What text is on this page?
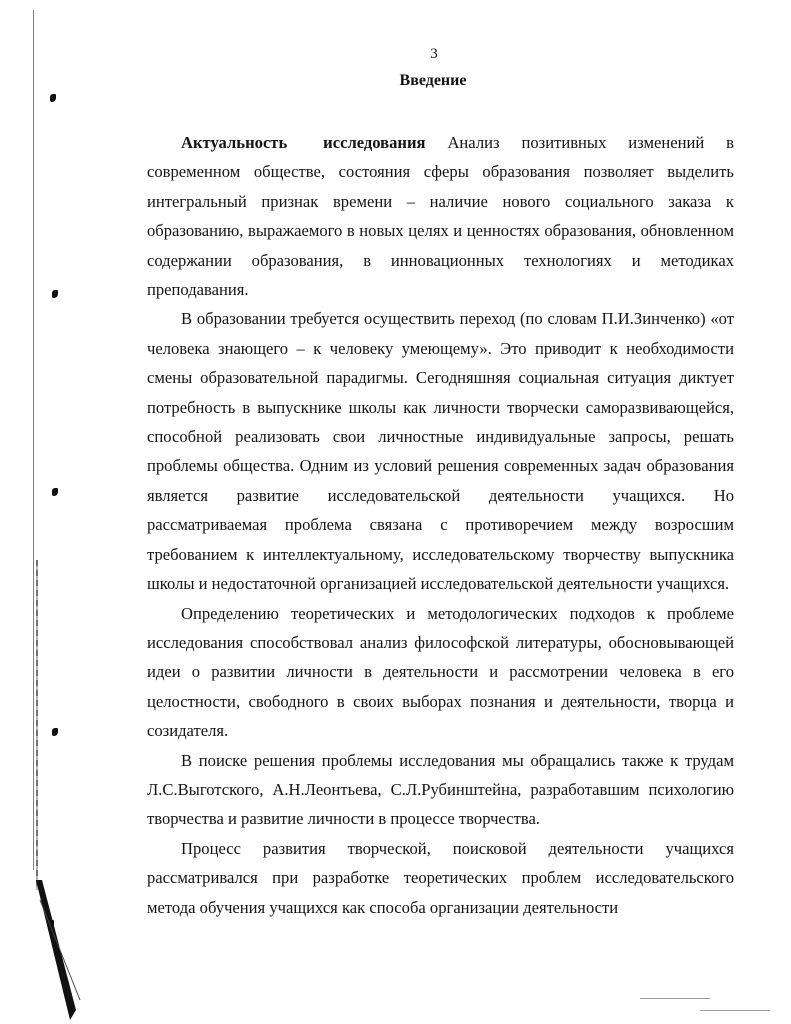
3
Введение

Актуальность исследования Анализ позитивных изменений в современном обществе, состояния сферы образования позволяет выделить интегральный признак времени – наличие нового социального заказа к образованию, выражаемого в новых целях и ценностях образования, обновленном содержании образования, в инновационных технологиях и методиках преподавания.

В образовании требуется осуществить переход (по словам П.И.Зинченко) «от человека знающего – к человеку умеющему». Это приводит к необходимости смены образовательной парадигмы. Сегодняшняя социальная ситуация диктует потребность в выпускнике школы как личности творчески саморазвивающейся, способной реализовать свои личностные индивидуальные запросы, решать проблемы общества. Одним из условий решения современных задач образования является развитие исследовательской деятельности учащихся. Но рассматриваемая проблема связана с противоречием между возросшим требованием к интеллектуальному, исследовательскому творчеству выпускника школы и недостаточной организацией исследовательской деятельности учащихся.

Определению теоретических и методологических подходов к проблеме исследования способствовал анализ философской литературы, обосновывающей идеи о развитии личности в деятельности и рассмотрении человека в его целостности, свободного в своих выборах познания и деятельности, творца и созидателя.

В поиске решения проблемы исследования мы обращались также к трудам Л.С.Выготского, А.Н.Леонтьева, С.Л.Рубинштейна, разработавшим психологию творчества и развитие личности в процессе творчества.

Процесс развития творческой, поисковой деятельности учащихся рассматривался при разработке теоретических проблем исследовательского метода обучения учащихся как способа организации деятельности
